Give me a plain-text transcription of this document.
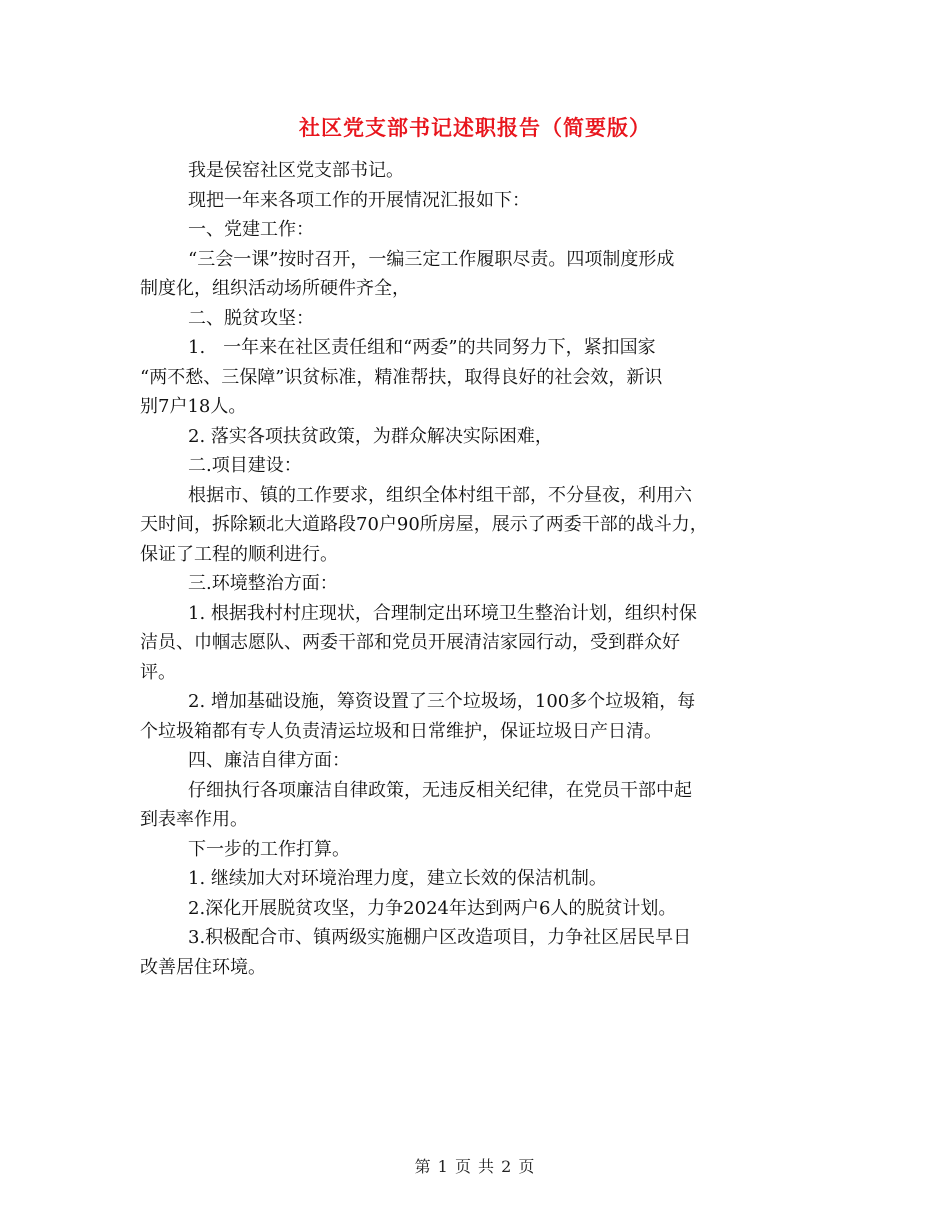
社区党支部书记述职报告（简要版）

我是侯窑社区党支部书记。

现把一年来各项工作的开展情况汇报如下：

一、党建工作：

“三会一课”按时召开，一编三定工作履职尽责。四项制度形成

制度化，组织活动场所硬件齐全，

二、脱贫攻坚：

1.　一年来在社区责任组和“两委”的共同努力下，紧扣国家

“两不愁、三保障”识贫标准，精准帮扶，取得良好的社会效，新识

别7户18人。

2. 落实各项扶贫政策，为群众解决实际困难，

二.项目建设：

根据市、镇的工作要求，组织全体村组干部，不分昼夜，利用六

天时间，拆除颖北大道路段70户90所房屋，展示了两委干部的战斗力，

保证了工程的顺利进行。

三.环境整治方面：

1. 根据我村村庄现状，合理制定出环境卫生整治计划，组织村保

洁员、巾帼志愿队、两委干部和党员开展清洁家园行动，受到群众好

评。

2. 增加基础设施，筹资设置了三个垃圾场，100多个垃圾箱，每

个垃圾箱都有专人负责清运垃圾和日常维护，保证垃圾日产日清。

四、廉洁自律方面：

仔细执行各项廉洁自律政策，无违反相关纪律，在党员干部中起

到表率作用。

下一步的工作打算。

1. 继续加大对环境治理力度，建立长效的保洁机制。

2.深化开展脱贫攻坚，力争2024年达到两户6人的脱贫计划。

3.积极配合市、镇两级实施棚户区改造项目，力争社区居民早日

改善居住环境。

第 1 页 共 2 页
